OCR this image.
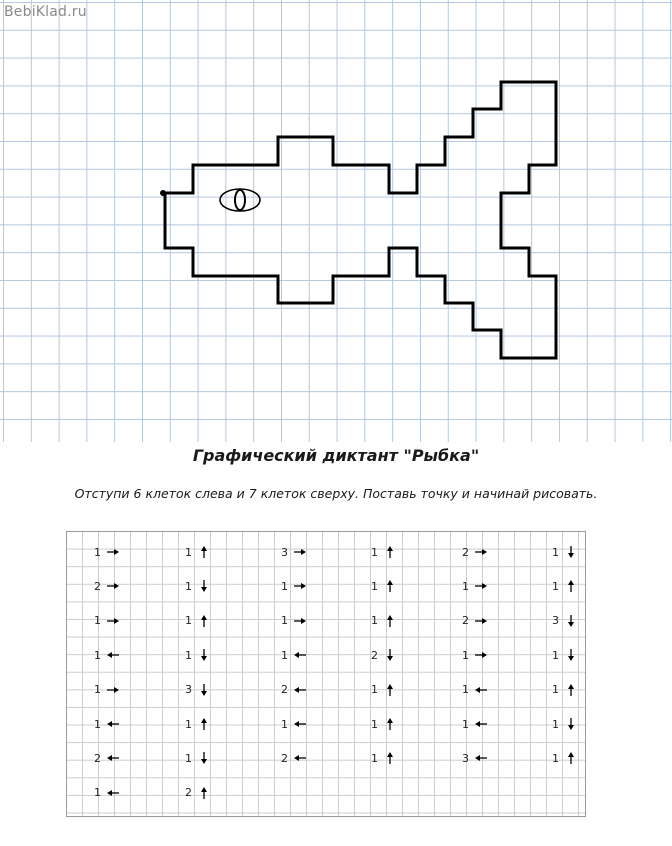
BebiKlad.ru
Графический диктант "Рыбка"
Отступи 6 клеток слева и 7 клеток сверху. Поставь точку и начинай рисовать.
1
2
1
1
1
1
2
1
1
1
1
1
3
1
1
2
3
1
1
1
2
1
2
1
1
1
2
1
1
1
2
1
2
1
1
1
3
1
1
3
1
1
1
1
